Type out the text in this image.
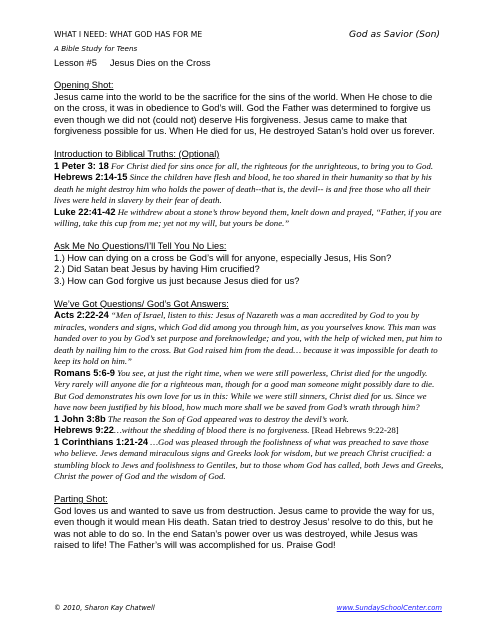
WHAT I NEED: WHAT GOD HAS FOR ME	God as Savior (Son)
A Bible Study for Teens
Lesson #5     Jesus Dies on the Cross
Opening Shot:

Jesus came into the world to be the sacrifice for the sins of the world. When He chose to die on the cross, it was in obedience to God’s will. God the Father was determined to forgive us even though we did not (could not) deserve His forgiveness. Jesus came to make that forgiveness possible for us. When He died for us, He destroyed Satan’s hold over us forever.

Introduction to Biblical Truths: (Optional)

1 Peter 3: 18 For Christ died for sins once for all, the righteous for the unrighteous, to bring you to God.

Hebrews 2:14-15 Since the children have flesh and blood, he too shared in their humanity so that by his death he might destroy him who holds the power of death--that is, the devil-- is and free those who all their lives were held in slavery by their fear of death.

Luke 22:41-42 He withdrew about a stone’s throw beyond them, knelt down and prayed, “Father, if you are willing, take this cup from me; yet not my will, but yours be done.”

Ask Me No Questions/I’ll Tell You No Lies:

1.) How can dying on a cross be God’s will for anyone, especially Jesus, His Son?

2.) Did Satan beat Jesus by having Him crucified?

3.) How can God forgive us just because Jesus died for us?

We’ve Got Questions/ God’s Got Answers:

Acts 2:22-24 “Men of Israel, listen to this: Jesus of Nazareth was a man accredited by God to you by miracles, wonders and signs, which God did among you through him, as you yourselves know. This man was handed over to you by God’s set purpose and foreknowledge; and you, with the help of wicked men, put him to death by nailing him to the cross. But God raised him from the dead… because it was impossible for death to keep its hold on him.”

Romans 5:6-9 You see, at just the right time, when we were still powerless, Christ died for the ungodly. Very rarely will anyone die for a righteous man, though for a good man someone might possibly dare to die. But God demonstrates his own love for us in this: While we were still sinners, Christ died for us. Since we have now been justified by his blood, how much more shall we be saved from God’s wrath through him?

1 John 3:8b The reason the Son of God appeared was to destroy the devil’s work.

Hebrews 9:22…without the shedding of blood there is no forgiveness. [Read Hebrews 9:22-28]

1 Corinthians 1:21-24 …God was pleased through the foolishness of what was preached to save those who believe. Jews demand miraculous signs and Greeks look for wisdom, but we preach Christ crucified: a stumbling block to Jews and foolishness to Gentiles, but to those whom God has called, both Jews and Greeks, Christ the power of God and the wisdom of God.

Parting Shot:

God loves us and wanted to save us from destruction. Jesus came to provide the way for us, even though it would mean His death. Satan tried to destroy Jesus’ resolve to do this, but he was not able to do so. In the end Satan’s power over us was destroyed, while Jesus was raised to life! The Father’s will was accomplished for us. Praise God!

© 2010, Sharon Kay Chatwell	www.SundaySchoolCenter.com
